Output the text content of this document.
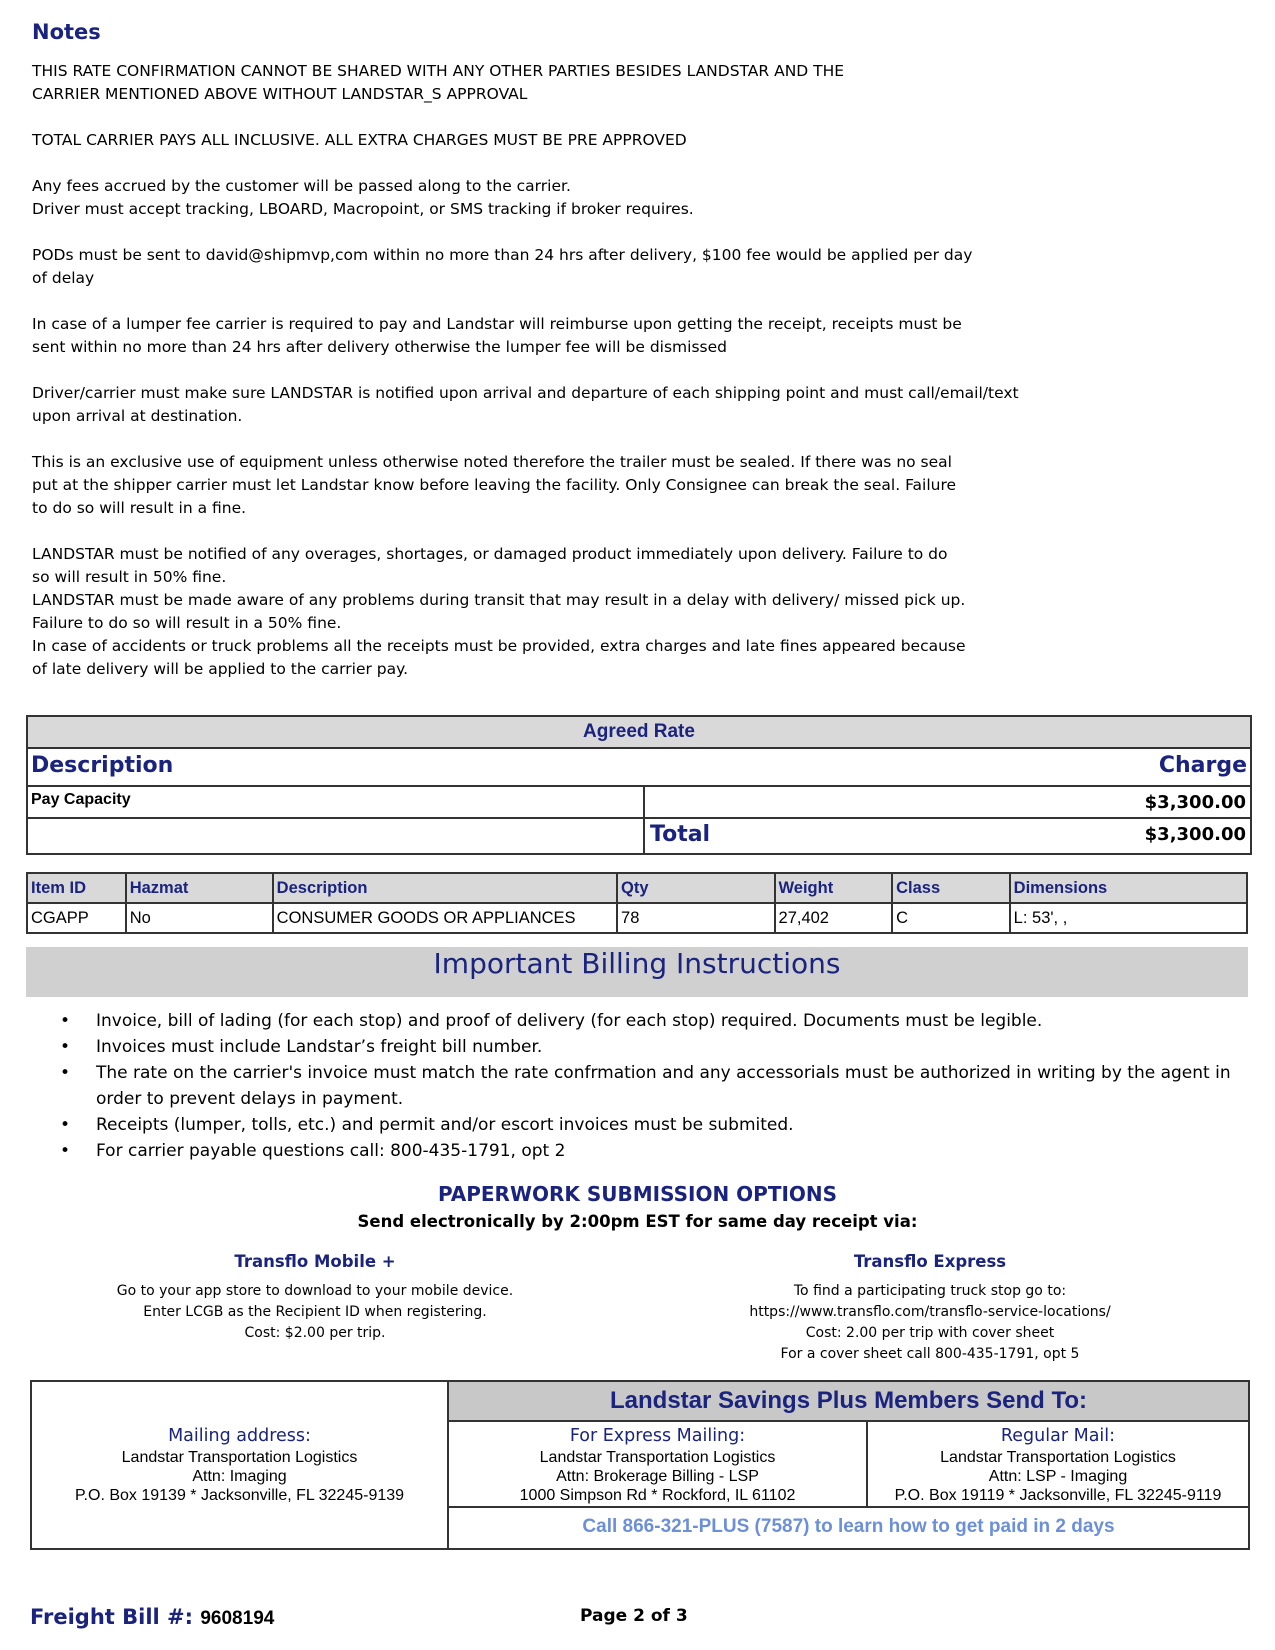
Notes

THIS RATE CONFIRMATION CANNOT BE SHARED WITH ANY OTHER PARTIES BESIDES LANDSTAR AND THE
CARRIER MENTIONED ABOVE WITHOUT LANDSTAR_S APPROVAL

TOTAL CARRIER PAYS ALL INCLUSIVE. ALL EXTRA CHARGES MUST BE PRE APPROVED

Any fees accrued by the customer will be passed along to the carrier.
Driver must accept tracking, LBOARD, Macropoint, or SMS tracking if broker requires.

PODs must be sent to david@shipmvp,com within no more than 24 hrs after delivery, $100 fee would be applied per day
of delay

In case of a lumper fee carrier is required to pay and Landstar will reimburse upon getting the receipt, receipts must be
sent within no more than 24 hrs after delivery otherwise the lumper fee will be dismissed

Driver/carrier must make sure LANDSTAR is notified upon arrival and departure of each shipping point and must call/email/text
upon arrival at destination.

This is an exclusive use of equipment unless otherwise noted therefore the trailer must be sealed. If there was no seal
put at the shipper carrier must let Landstar know before leaving the facility. Only Consignee can break the seal. Failure
to do so will result in a fine.

LANDSTAR must be notified of any overages, shortages, or damaged product immediately upon delivery. Failure to do
so will result in 50% fine.
LANDSTAR must be made aware of any problems during transit that may result in a delay with delivery/ missed pick up.
Failure to do so will result in a 50% fine.
In case of accidents or truck problems all the receipts must be provided, extra charges and late fines appeared because
of late delivery will be applied to the carrier pay.

Agreed Rate
Description	Charge
Pay Capacity	$3,300.00
Total	$3,300.00
Item ID	Hazmat	Description	Qty	Weight	Class	Dimensions
CGAPP	No	CONSUMER GOODS OR APPLIANCES	78	27,402	C	L: 53', ,
Important Billing Instructions
• Invoice, bill of lading (for each stop) and proof of delivery (for each stop) required. Documents must be legible.
• Invoices must include Landstar’s freight bill number.
• The rate on the carrier's invoice must match the rate confrmation and any accessorials must be authorized in writing by the agent in order to prevent delays in payment.
• Receipts (lumper, tolls, etc.) and permit and/or escort invoices must be submited.
• For carrier payable questions call: 800-435-1791, opt 2
PAPERWORK SUBMISSION OPTIONS
Send electronically by 2:00pm EST for same day receipt via:
Transflo Mobile +
Go to your app store to download to your mobile device.
Enter LCGB as the Recipient ID when registering.
Cost: $2.00 per trip.
Transflo Express
To find a participating truck stop go to:
https://www.transflo.com/transflo-service-locations/
Cost: 2.00 per trip with cover sheet
For a cover sheet call 800-435-1791, opt 5
Landstar Savings Plus Members Send To:
Mailing address:
Landstar Transportation Logistics
Attn: Imaging
P.O. Box 19139 * Jacksonville, FL 32245-9139
For Express Mailing:
Landstar Transportation Logistics
Attn: Brokerage Billing - LSP
1000 Simpson Rd * Rockford, IL 61102
Regular Mail:
Landstar Transportation Logistics
Attn: LSP - Imaging
P.O. Box 19119 * Jacksonville, FL 32245-9119
Call 866-321-PLUS (7587) to learn how to get paid in 2 days
Freight Bill #: 9608194	Page 2 of 3
